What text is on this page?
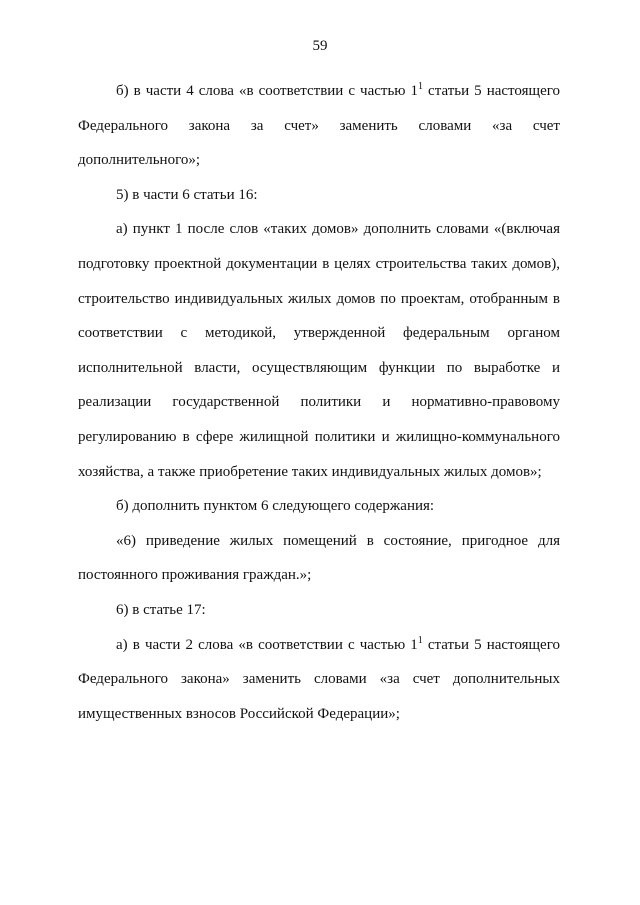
59

б) в части 4 слова «в соответствии с частью $1^1$ статьи 5 настоящего Федерального закона за счет» заменить словами «за счет дополнительного»;

5) в части 6 статьи 16:

а) пункт 1 после слов «таких домов» дополнить словами «(включая подготовку проектной документации в целях строительства таких домов), строительство индивидуальных жилых домов по проектам, отобранным в соответствии с методикой, утвержденной федеральным органом исполнительной власти, осуществляющим функции по выработке и реализации государственной политики и нормативно-правовому регулированию в сфере жилищной политики и жилищно-коммунального хозяйства, а также приобретение таких индивидуальных жилых домов»;

б) дополнить пунктом 6 следующего содержания:

«6) приведение жилых помещений в состояние, пригодное для постоянного проживания граждан.»;

6) в статье 17:

а) в части 2 слова «в соответствии с частью $1^1$ статьи 5 настоящего Федерального закона» заменить словами «за счет дополнительных имущественных взносов Российской Федерации»;
